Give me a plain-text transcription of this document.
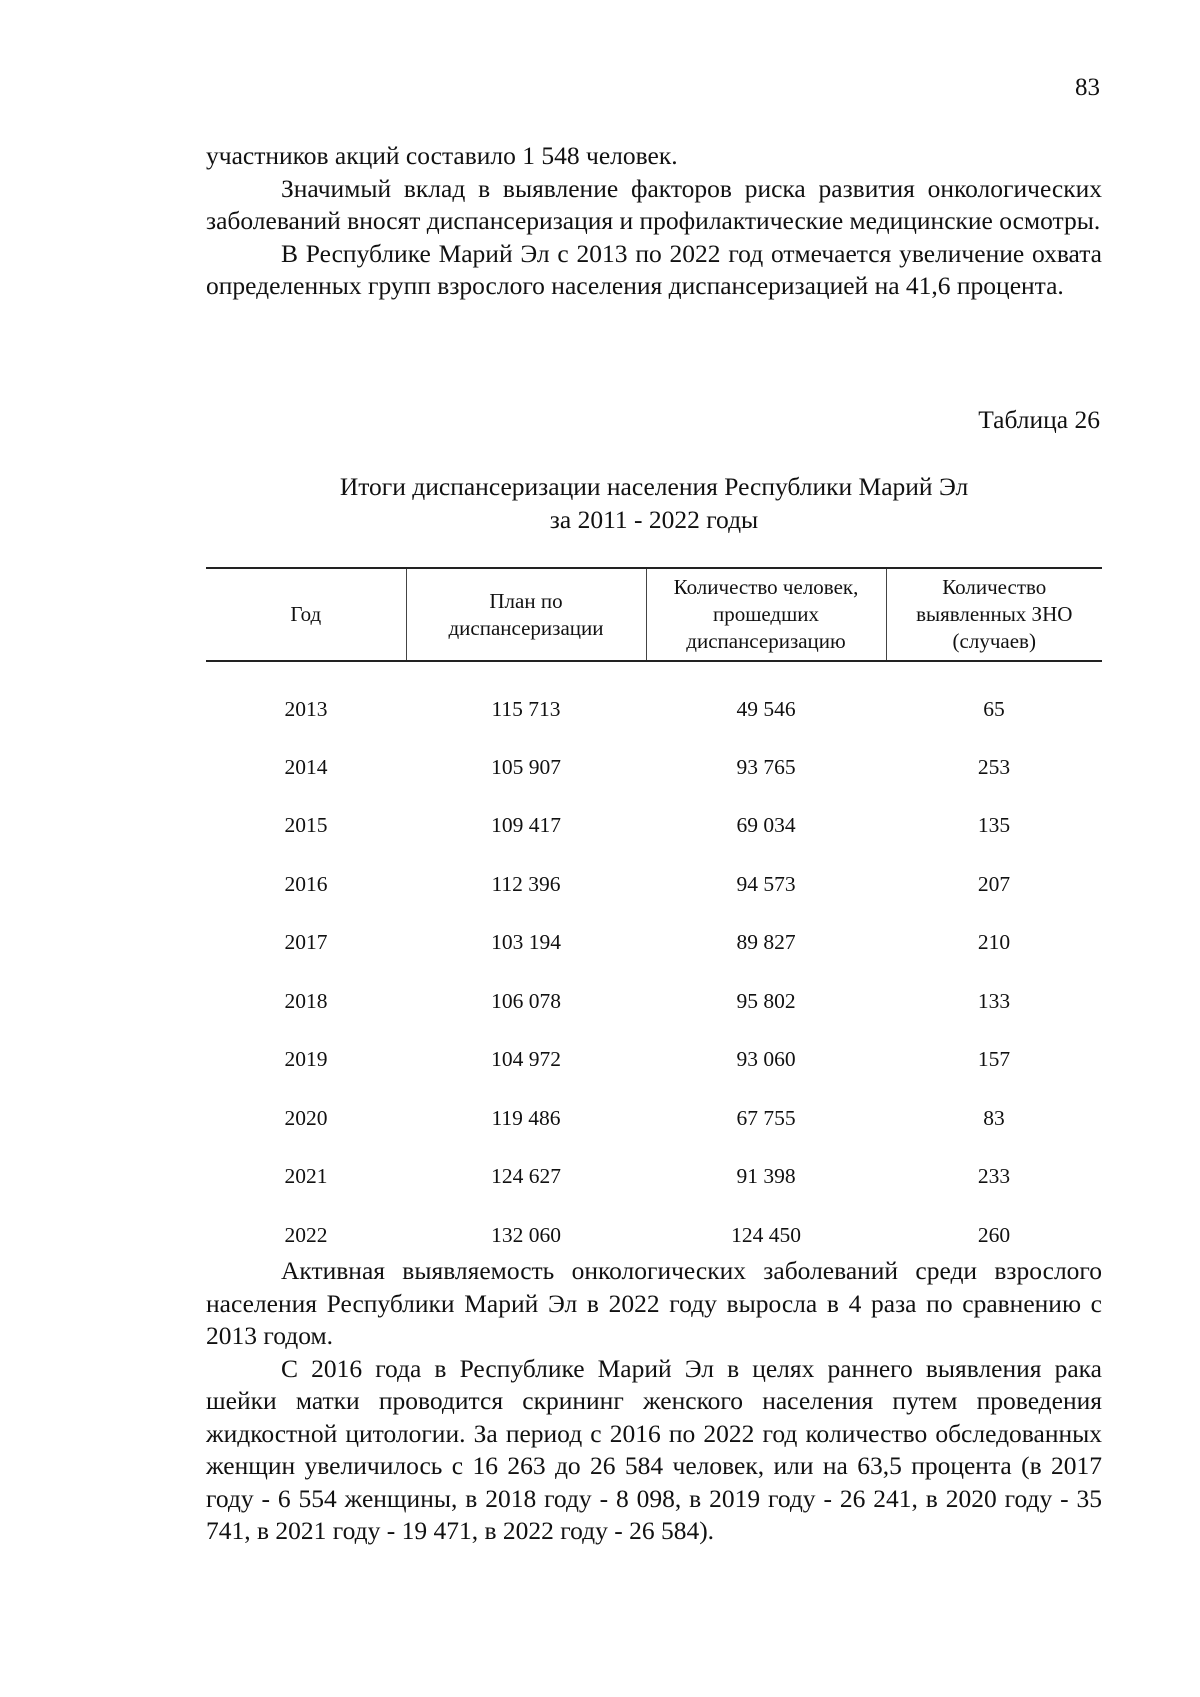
83

участников акций составило 1 548 человек.

Значимый вклад в выявление факторов риска развития онкологических заболеваний вносят диспансеризация и профилактические медицинские осмотры.

В Республике Марий Эл с 2013 по 2022 год отмечается увеличение охвата определенных групп взрослого населения диспансеризацией на 41,6 процента.

Таблица 26
Итоги диспансеризации населения Республики Марий Эл
за 2011 - 2022 годы
Год	План по диспансеризации	Количество человек, прошедших диспансеризацию	Количество выявленных ЗНО (случаев)
2013	115 713	49 546	65
2014	105 907	93 765	253
2015	109 417	69 034	135
2016	112 396	94 573	207
2017	103 194	89 827	210
2018	106 078	95 802	133
2019	104 972	93 060	157
2020	119 486	67 755	83
2021	124 627	91 398	233
2022	132 060	124 450	260

Активная выявляемость онкологических заболеваний среди взрослого населения Республики Марий Эл в 2022 году выросла в 4 раза по сравнению с 2013 годом.

С 2016 года в Республике Марий Эл в целях раннего выявления рака шейки матки проводится скрининг женского населения путем проведения жидкостной цитологии. За период с 2016 по 2022 год количество обследованных женщин увеличилось с 16 263 до 26 584 человек, или на 63,5 процента (в 2017 году - 6 554 женщины, в 2018 году - 8 098, в 2019 году - 26 241, в 2020 году - 35 741, в 2021 году - 19 471, в 2022 году - 26 584).
